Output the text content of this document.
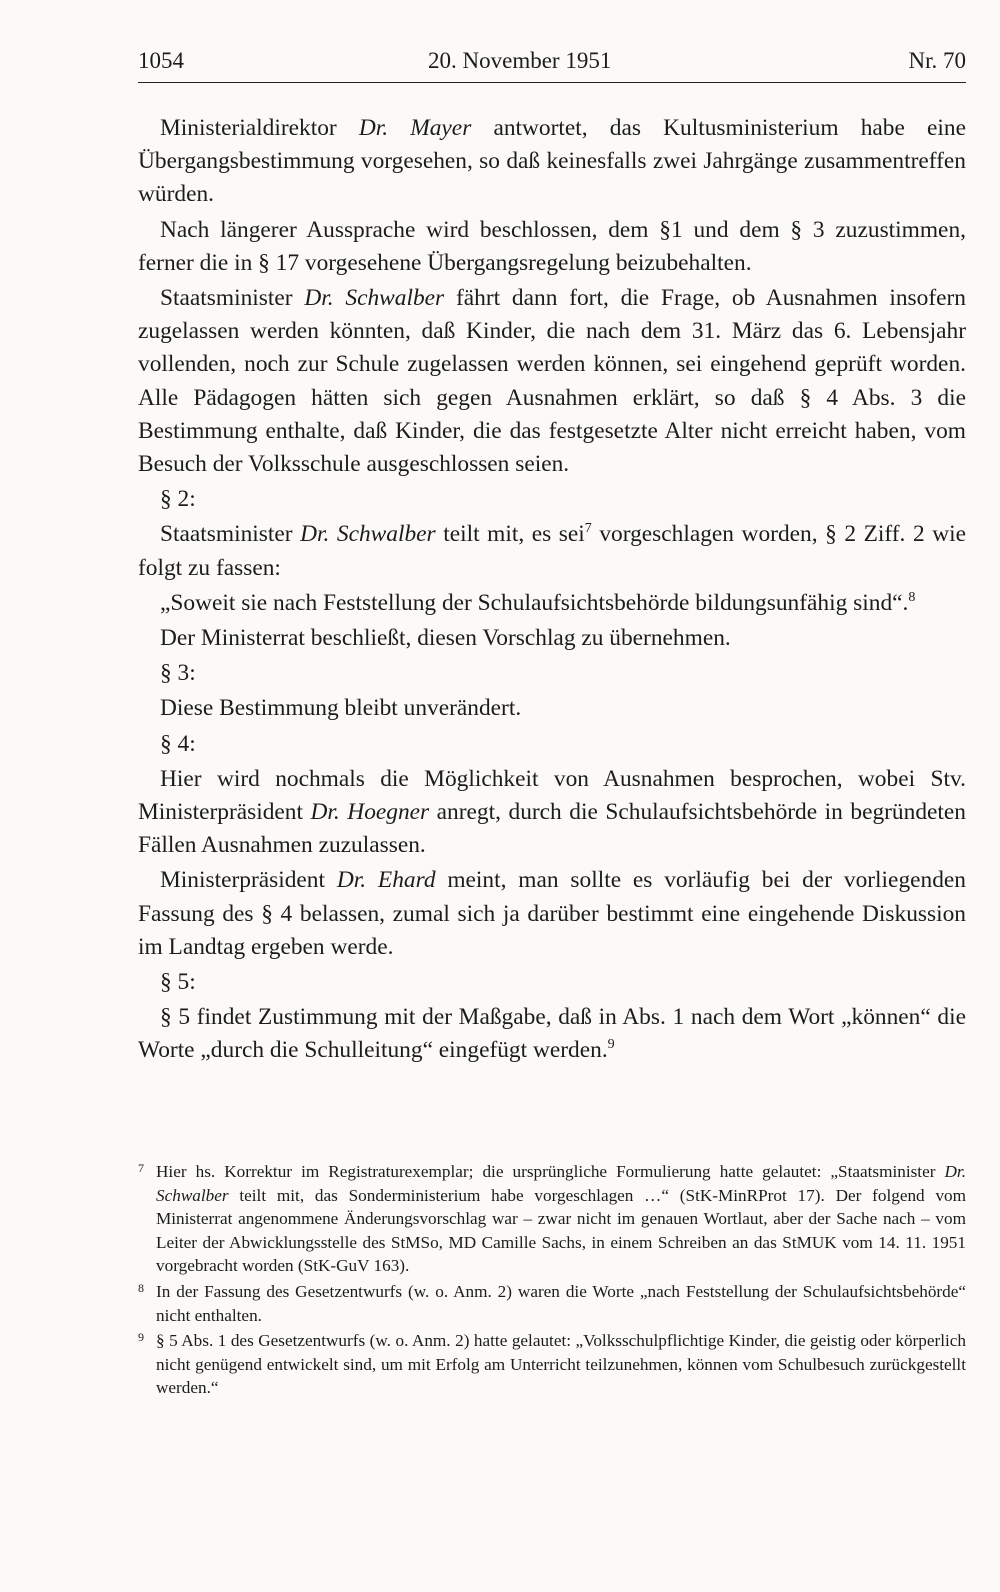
1054	20. November 1951	Nr. 70

Ministerialdirektor Dr. Mayer antwortet, das Kultusministerium habe eine Übergangsbestimmung vorgesehen, so daß keinesfalls zwei Jahrgänge zusammentreffen würden.

Nach längerer Aussprache wird beschlossen, dem §1 und dem § 3 zuzustimmen, ferner die in § 17 vorgesehene Übergangsregelung beizubehalten.

Staatsminister Dr. Schwalber fährt dann fort, die Frage, ob Ausnahmen insofern zugelassen werden könnten, daß Kinder, die nach dem 31. März das 6. Lebensjahr vollenden, noch zur Schule zugelassen werden können, sei eingehend geprüft worden. Alle Pädagogen hätten sich gegen Ausnahmen erklärt, so daß § 4 Abs. 3 die Bestimmung enthalte, daß Kinder, die das festgesetzte Alter nicht erreicht haben, vom Besuch der Volksschule ausgeschlossen seien.

§ 2:

Staatsminister Dr. Schwalber teilt mit, es sei$^7$ vorgeschlagen worden, § 2 Ziff. 2 wie folgt zu fassen:

„Soweit sie nach Feststellung der Schulaufsichtsbehörde bildungsunfähig sind“.$^8$

Der Ministerrat beschließt, diesen Vorschlag zu übernehmen.

§ 3:

Diese Bestimmung bleibt unverändert.

§ 4:

Hier wird nochmals die Möglichkeit von Ausnahmen besprochen, wobei Stv. Ministerpräsident Dr. Hoegner anregt, durch die Schulaufsichtsbehörde in begründeten Fällen Ausnahmen zuzulassen.

Ministerpräsident Dr. Ehard meint, man sollte es vorläufig bei der vorliegenden Fassung des § 4 belassen, zumal sich ja darüber bestimmt eine eingehende Diskussion im Landtag ergeben werde.

§ 5:

§ 5 findet Zustimmung mit der Maßgabe, daß in Abs. 1 nach dem Wort „können“ die Worte „durch die Schulleitung“ eingefügt werden.$^9$

7 Hier hs. Korrektur im Registraturexemplar; die ursprüngliche Formulierung hatte gelautet: „Staatsminister Dr. Schwalber teilt mit, das Sonderministerium habe vorgeschlagen …“ (StK-MinRProt 17). Der folgend vom Ministerrat angenommene Änderungsvorschlag war – zwar nicht im genauen Wortlaut, aber der Sache nach – vom Leiter der Abwicklungsstelle des StMSo, MD Camille Sachs, in einem Schreiben an das StMUK vom 14. 11. 1951 vorgebracht worden (StK-GuV 163).
8 In der Fassung des Gesetzentwurfs (w. o. Anm. 2) waren die Worte „nach Feststellung der Schulaufsichtsbehörde“ nicht enthalten.
9 § 5 Abs. 1 des Gesetzentwurfs (w. o. Anm. 2) hatte gelautet: „Volksschulpflichtige Kinder, die geistig oder körperlich nicht genügend entwickelt sind, um mit Erfolg am Unterricht teilzunehmen, können vom Schulbesuch zurückgestellt werden.“
